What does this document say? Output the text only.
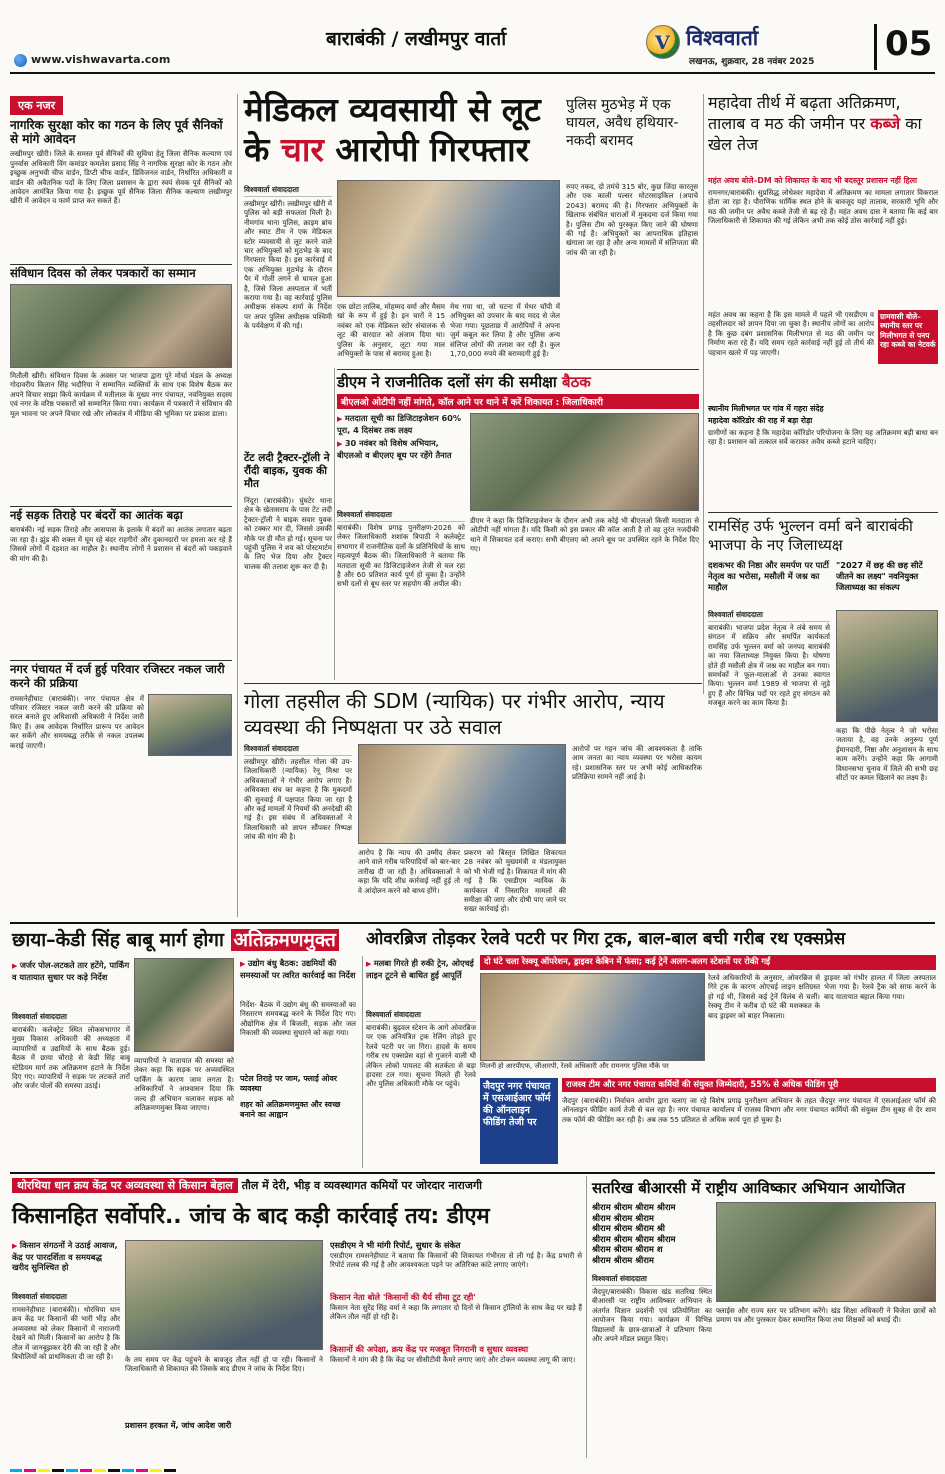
बाराबंकी / लखीमपुर वार्ता
www.vishwavarta.com
V विश्ववार्ता
लखनऊ, शुक्रवार, 28 नवंबर 2025 05
एक नजर
नागरिक सुरक्षा कोर का गठन के लिए पूर्व सैनिकों से मांगे आवेदन
लखीमपुर खीरी। जिले के समस्त पूर्व सैनिकों की सुविधा हेतु जिला सैनिक कल्याण एवं पुनर्वास अधिकारी विंग कमांडर कमलेश प्रसाद सिंह ने नागरिक सुरक्षा कोर के गठन और इच्छुक अनुभवी चीफ वार्डन, डिप्टी चीफ वार्डन, डिविजनल वार्डन, निर्धारित अधिकारी व वार्डन की अवैतनिक पदों के लिए जिला प्रशासन के द्वारा स्वयं सेवक पूर्व सैनिकों को आवेदन आमंत्रित किया गया है। इच्छुक पूर्व सैनिक जिला सैनिक कल्याण लखीमपुर खीरी में आवेदन व फार्म प्राप्त कर सकते हैं।
संविधान दिवस को लेकर पत्रकारों का सम्मान
मितौली खीरी। संविधान दिवस के अवसर पर भाजपा द्वारा पूरे मोर्चा मंडल के अध्यक्ष गोदावरीय कितान सिंह भदौरिया ने सम्मानित व्यक्तियों के साथ एक विशेष बैठक कर अपने विचार साझा किये कार्यक्रम में मतीलाल के मुख्य नगर पंचायत, नवनियुक्त सदस्य एवं नगर के वरिष्ठ पत्रकारों को सम्मानित किया गया। कार्यक्रम में पत्रकारों ने संविधान की मूल भावना पर अपने विचार रखे और लोकतंत्र में मीडिया की भूमिका पर प्रकाश डाला।
नई सड़क तिराहे पर बंदरों का आतंक बढ़ा
बाराबंकी। नई सड़क तिराहे और आसपास के इलाके में बंदरों का आतंक लगातार बढ़ता जा रहा है। झुंड की शक्ल में घूम रहे बंदर राहगीरों और दुकानदारों पर हमला कर रहे हैं जिससे लोगों में दहशत का माहौल है। स्थानीय लोगों ने प्रशासन से बंदरों को पकड़वाने की मांग की है।
नगर पंचायत में दर्ज हुई परिवार रजिस्टर नकल जारी करने की प्रक्रिया
रामसनेहीघाट (बाराबंकी)। नगर पंचायत क्षेत्र में परिवार रजिस्टर नकल जारी करने की प्रक्रिया को सरल बनाते हुए अधिशासी अधिकारी ने निर्देश जारी किए हैं। अब आवेदक निर्धारित प्रारूप पर आवेदन कर सकेंगे और समयबद्ध तरीके से नकल उपलब्ध कराई जाएगी।
मेडिकल व्यवसायी से लूट के चार आरोपी गिरफ्तार
विश्ववार्ता संवाददाता
लखीमपुर खीरी। लखीमपुर खीरी में पुलिस को बड़ी सफलता मिली है। नीमगांव थाना पुलिस, क्राइम ब्रांच और स्वाट टीम ने एक मेडिकल स्टोर व्यवसायी से लूट करने वाले चार अभियुक्तों को मुठभेड़ के बाद गिरफ्तार किया है। इस कार्रवाई में एक अभियुक्त मुठभेड़ के दौरान पैर में गोली लगने से घायल हुआ है, जिसे जिला अस्पताल में भर्ती कराया गया है। वह कार्रवाई पुलिस अधीक्षक संकल्प शर्मा के निर्देश पर अपर पुलिस अधीक्षक पश्चिमी के पर्यवेक्षण में की गई।
एक छोटा तालिब, मोहम्मद वर्मा और मैसम खां के रूप में हुई है। इन चारों ने 15 नवंबर को एक मेडिकल स्टोर संचालक से लूट की वारदात को अंजाम दिया था। पुलिस के अनुसार, लूटा गया माल अभियुक्तों के पास से बरामद हुआ है।
मेथ गया था, जो घटना में मेथर चॉपी में अभियुक्त को उपचार के बाद मदद से जेल भेजा गया। पूछताछ में आरोपियों ने अपना जुर्म कबूल कर लिया है और पुलिस अन्य संलिप्त लोगों की तलाश कर रही है। कुल 1,70,000 रुपये की बरामदगी हुई है।
पुलिस मुठभेड़ में एक घायल, अवैध हथियार-नकदी बरामद
रुपए नकद, दो तमंचे 315 बोर, कुछ जिंदा कारतूस और एक काली पल्सर मोटरसाइकिल (अपाचे 2043) बरामद की है। गिरफ्तार अभियुक्तों के खिलाफ संबंधित धाराओं में मुकदमा दर्ज किया गया है। पुलिस टीम को पुरस्कृत किए जाने की घोषणा की गई है। अभियुक्तों का आपराधिक इतिहास खंगाला जा रहा है और अन्य मामलों में संलिप्तता की जांच की जा रही है।
टेंट लदी ट्रैक्टर-ट्रॉली ने रौंदी बाइक, युवक की मौत
निंदूरा (बाराबंकी)। घुंघटेर थाना क्षेत्र के खेतासराय के पास टेंट लदी ट्रैक्टर-ट्रॉली ने बाइक सवार युवक को टक्कर मार दी, जिससे उसकी मौके पर ही मौत हो गई। सूचना पर पहुंची पुलिस ने शव को पोस्टमार्टम के लिए भेज दिया और ट्रैक्टर चालक की तलाश शुरू कर दी है।
डीएम ने राजनीतिक दलों संग की समीक्षा बैठक
बीएलओ ओटीपी नहीं मांगते, कॉल आने पर थाने में करें शिकायत : जिलाधिकारी
▶ मतदाता सूची का डिजिटाइजेशन 60% पूरा, 4 दिसंबर तक लक्ष्य
▶ 30 नवंबर को विशेष अभियान, बीएलओ व बीएलए बूथ पर रहेंगे तैनात
विश्ववार्ता संवाददाता
बाराबंकी। विशेष प्रगाढ़ पुनरीक्षण-2026 को लेकर जिलाधिकारी शशांक त्रिपाठी ने कलेक्ट्रेट सभागार में राजनीतिक दलों के प्रतिनिधियों के साथ महत्वपूर्ण बैठक की। जिलाधिकारी ने बताया कि मतदाता सूची का डिजिटाइजेशन तेजी से चल रहा है और 60 प्रतिशत कार्य पूर्ण हो चुका है। उन्होंने सभी दलों से बूथ स्तर पर सहयोग की अपील की।
डीएम ने कहा कि डिजिटाइजेशन के दौरान अभी तक कोई भी बीएलओ किसी मतदाता से ओटीपी नहीं मांगता है। यदि किसी को इस प्रकार की कॉल आती है तो वह तुरंत नजदीकी थाने में शिकायत दर्ज कराए। सभी बीएलए को अपने बूथ पर उपस्थित रहने के निर्देश दिए गए।
महादेवा तीर्थ में बढ़ता अतिक्रमण, तालाब व मठ की जमीन पर कब्जे का खेल तेज
महंत अवध बोले–DM को शिकायत के बाद भी बदस्तूर प्रशासन नहीं हिला
रामनगर/बाराबंकी। सुप्रसिद्ध लोधेश्वर महादेवा में अतिक्रमण का मामला लगातार विकराल होता जा रहा है। पौराणिक धार्मिक स्थल होने के बावजूद यहां तालाब, सरकारी भूमि और मठ की जमीन पर अवैध कब्जे तेजी से बढ़ रहे हैं। महंत अवध दास ने बताया कि कई बार जिलाधिकारी से शिकायत की गई लेकिन अभी तक कोई ठोस कार्रवाई नहीं हुई।
ग्रामवासी बोले– स्थानीय स्तर पर मिलीभगत से पनप रहा कब्जे का नेटवर्क
महंत अवध का कहना है कि इस मामले में पहले भी एसडीएम व तहसीलदार को ज्ञापन दिया जा चुका है। स्थानीय लोगों का आरोप है कि कुछ दबंग प्रशासनिक मिलीभगत से मठ की जमीन पर निर्माण करा रहे हैं। यदि समय रहते कार्रवाई नहीं हुई तो तीर्थ की पहचान खतरे में पड़ जाएगी।
स्थानीय मिलीभगत पर गांव में गहरा संदेह
महादेवा कॉरिडोर की राह में बड़ा रोड़ा
ग्रामीणों का कहना है कि महादेवा कॉरिडोर परियोजना के लिए यह अतिक्रमण बड़ी बाधा बन रहा है। प्रशासन को तत्काल सर्वे कराकर अवैध कब्जे हटाने चाहिए।
रामसिंह उर्फ भुल्लन वर्मा बने बाराबंकी भाजपा के नए जिलाध्यक्ष
दशकभर की निष्ठा और समर्पण पर पार्टी नेतृत्व का भरोसा, मसौली में जश्न का माहौल
"2027 में छह की छह सीटें जीतने का लक्ष्य" नवनियुक्त जिलाध्यक्ष का संकल्प
विश्ववार्ता संवाददाता
बाराबंकी। भाजपा प्रदेश नेतृत्व ने लंबे समय से संगठन में सक्रिय और समर्पित कार्यकर्ता रामसिंह उर्फ भुल्लन वर्मा को जनपद बाराबंकी का नया जिलाध्यक्ष नियुक्त किया है। घोषणा होते ही मसौली क्षेत्र में जश्न का माहौल बन गया। समर्थकों ने फूल-मालाओं से उनका स्वागत किया। भुल्लन वर्मा 1989 से भाजपा से जुड़े हुए हैं और विभिन्न पदों पर रहते हुए संगठन को मजबूत करने का काम किया है।
कहा कि पीछे नेतृत्व ने जो भरोसा जताया है, वह उनके अनुरूप पूर्ण ईमानदारी, निष्ठा और अनुशासन के साथ काम करेंगे। उन्होंने कहा कि आगामी विधानसभा चुनाव में जिले की सभी छह सीटों पर कमल खिलाने का लक्ष्य है।
गोला तहसील की SDM (न्यायिक) पर गंभीर आरोप, न्याय व्यवस्था की निष्पक्षता पर उठे सवाल
विश्ववार्ता संवाददाता
लखीमपुर खीरी। तहसील गोला की उप-जिलाधिकारी (न्यायिक) रेनू मिश्रा पर अधिवक्ताओं ने गंभीर आरोप लगाए हैं। अधिवक्ता संघ का कहना है कि मुकदमों की सुनवाई में पक्षपात किया जा रहा है और कई मामलों में नियमों की अनदेखी की गई है। इस संबंध में अधिवक्ताओं ने जिलाधिकारी को ज्ञापन सौंपकर निष्पक्ष जांच की मांग की है।
आरोप है कि न्याय की उम्मीद लेकर आने वाले गरीब फरियादियों को बार-बार तारीख दी जा रही है। अधिवक्ताओं ने कहा कि यदि शीघ्र कार्रवाई नहीं हुई तो वे आंदोलन करने को बाध्य होंगे।
प्रकरण को बिस्तृत लिखित शिकायत 28 नवंबर को मुख्यमंत्री व मंडलायुक्त को भी भेजी गई है। शिकायत में मांग की गई है कि एसडीएम न्यायिक के कार्यकाल में निस्तारित मामलों की समीक्षा की जाए और दोषी पाए जाने पर सख्त कार्रवाई हो।
आरोपों पर गहन जांच की आवश्यकता है ताकि आम जनता का न्याय व्यवस्था पर भरोसा कायम रहे। प्रशासनिक स्तर पर अभी कोई आधिकारिक प्रतिक्रिया सामने नहीं आई है।
छाया–केडी सिंह बाबू मार्ग होगा अतिक्रमणमुक्त
▶ जर्जर पोल-लटकते तार हटेंगे, पार्किंग व यातायात सुधार पर कड़े निर्देश
विश्ववार्ता संवाददाता
बाराबंकी। कलेक्ट्रेट स्थित लोकसभागार में मुख्य विकास अधिकारी की अध्यक्षता में व्यापारियों व उद्यमियों के साथ बैठक हुई। बैठक में छाया चौराहे से केडी सिंह बाबू स्टेडियम मार्ग तक अतिक्रमण हटाने के निर्देश दिए गए। व्यापारियों ने सड़क पर लटकते तारों और जर्जर पोलों की समस्या उठाई।
व्यापारियों ने यातायात की समस्या को लेकर कहा कि सड़क पर अव्यवस्थित पार्किंग के कारण जाम लगता है। अधिकारियों ने आश्वासन दिया कि जल्द ही अभियान चलाकर सड़क को अतिक्रमणमुक्त किया जाएगा।
▶ उद्योग बंधु बैठक: उद्यमियों की समस्याओं पर त्वरित कार्रवाई का निर्देश
निर्देश- बैठक में उद्योग बंधु की समस्याओं का निस्तारण समयबद्ध करने के निर्देश दिए गए। औद्योगिक क्षेत्र में बिजली, सड़क और जल निकासी की व्यवस्था सुधारने को कहा गया।
पटेल तिराहे पर जाम, फ्लाई ओवर व्यवस्था
शहर को अतिक्रमणमुक्त और स्वच्छ बनाने का आह्वान
ओवरब्रिज तोड़कर रेलवे पटरी पर गिरा ट्रक, बाल-बाल बची गरीब रथ एक्सप्रेस
▶ मलबा गिरते ही रुकी ट्रेन, ओएचई लाइन टूटने से बाधित हुई आपूर्ति
दो घंटे चला रेस्क्यू ऑपरेशन, ड्राइवर केबिन में फंसा; कई ट्रेनें अलग-अलग स्टेशनों पर रोकी गईं
मिलनी हो आरपीएफ, जीआरपी, रेलवे अधिकारी और रामनगर पुलिस मौके पर
विश्ववार्ता संवाददाता
बाराबंकी। बुढ़वल स्टेशन के आगे ओवरब्रिज पर एक अनियंत्रित ट्रक रेलिंग तोड़ते हुए रेलवे पटरी पर जा गिरा। हादसे के समय गरीब रथ एक्सप्रेस वहां से गुजरने वाली थी लेकिन लोको पायलट की सतर्कता से बड़ा हादसा टल गया। सूचना मिलते ही रेलवे और पुलिस अधिकारी मौके पर पहुंचे।
रेलवे अधिकारियों के अनुसार, ओवरब्रिज से गिरे ट्रक के कारण ओएचई लाइन क्षतिग्रस्त हो गई थी, जिससे कई ट्रेनें विलंब से चलीं। रेस्क्यू टीम ने करीब दो घंटे की मशक्कत के बाद ड्राइवर को बाहर निकाला।
ड्राइवर को गंभीर हालत में जिला अस्पताल भेजा गया है। रेलवे ट्रैक को साफ करने के बाद यातायात बहाल किया गया।
जैदपुर नगर पंचायत में एसआईआर फॉर्म की ऑनलाइन फीडिंग तेजी पर
राजस्व टीम और नगर पंचायत कर्मियों की संयुक्त जिम्मेदारी, 55% से अधिक फीडिंग पूरी
जैदपुर (बाराबंकी)। निर्वाचन आयोग द्वारा चलाए जा रहे विशेष प्रगाढ़ पुनरीक्षण अभियान के तहत जैदपुर नगर पंचायत में एसआईआर फॉर्म की ऑनलाइन फीडिंग कार्य तेजी से चल रहा है। नगर पंचायत कार्यालय में राजस्व विभाग और नगर पंचायत कर्मियों की संयुक्त टीम सुबह से देर शाम तक फॉर्म की फीडिंग कर रही है। अब तक 55 प्रतिशत से अधिक कार्य पूरा हो चुका है।
थोरथिया धान क्रय केंद्र पर अव्यवस्था से किसान बेहाल तौल में देरी, भीड़ व व्यवस्थागत कमियों पर जोरदार नाराजगी
किसानहित सर्वोपरि.. जांच के बाद कड़ी कार्रवाई तय: डीएम
▶ किसान संगठनों ने उठाई आवाज, केंद्र पर पारदर्शिता व समयबद्ध खरीद सुनिश्चित हो
विश्ववार्ता संवाददाता
रामसनेहीघाट (बाराबंकी)। थोरथिया धान क्रय केंद्र पर किसानों की भारी भीड़ और अव्यवस्था को लेकर किसानों में नाराजगी देखने को मिली। किसानों का आरोप है कि तौल में जानबूझकर देरी की जा रही है और बिचौलियों को प्राथमिकता दी जा रही है।	के तय समय पर केंद्र पहुंचने के बावजूद तौल नहीं हो पा रही। किसानों ने जिलाधिकारी से शिकायत की जिसके बाद डीएम ने जांच के निर्देश दिए।
प्रशासन हरकत में, जांच आदेश जारी
एसडीएम ने भी मांगी रिपोर्ट, सुधार के संकेत
एसडीएम रामसनेहीघाट ने बताया कि किसानों की शिकायत गंभीरता से ली गई है। केंद्र प्रभारी से रिपोर्ट तलब की गई है और आवश्यकता पड़ने पर अतिरिक्त कांटे लगाए जाएंगे।
किसान नेता बोले 'किसानों की धैर्य सीमा टूट रही'
किसान नेता सुरेंद्र सिंह वर्मा ने कहा कि लगातार दो दिनों से किसान ट्रॉलियों के साथ केंद्र पर खड़े हैं लेकिन तौल नहीं हो रही है।
किसानों की अपेक्षा, क्रय केंद्र पर मजबूत निगरानी व सुधार व्यवस्था
किसानों ने मांग की है कि केंद्र पर सीसीटीवी कैमरे लगाए जाएं और टोकन व्यवस्था लागू की जाए।
सतरिख बीआरसी में राष्ट्रीय आविष्कार अभियान आयोजित
श्रीराम श्रीराम श्रीराम श्रीराम
श्रीराम श्रीराम श्रीराम
श्रीराम श्रीराम श्रीराम श्री
श्रीराम श्रीराम श्रीराम श्रीराम
श्रीराम श्रीराम श्रीराम श
श्रीराम श्रीराम श्रीराम
विश्ववार्ता संवाददाता
जैदपुर/बाराबंकी। विकास खंड सतरिख स्थित बीआरसी पर राष्ट्रीय आविष्कार अभियान के अंतर्गत विज्ञान प्रदर्शनी एवं प्रतियोगिता का आयोजन किया गया। कार्यक्रम में विभिन्न विद्यालयों के छात्र-छात्राओं ने प्रतिभाग किया और अपने मॉडल प्रस्तुत किए।
फ्लाईस और राज्य स्तर पर प्रतिभाग करेंगे। खंड शिक्षा अधिकारी ने विजेता छात्रों को प्रमाण पत्र और पुरस्कार देकर सम्मानित किया तथा शिक्षकों को बधाई दी।
